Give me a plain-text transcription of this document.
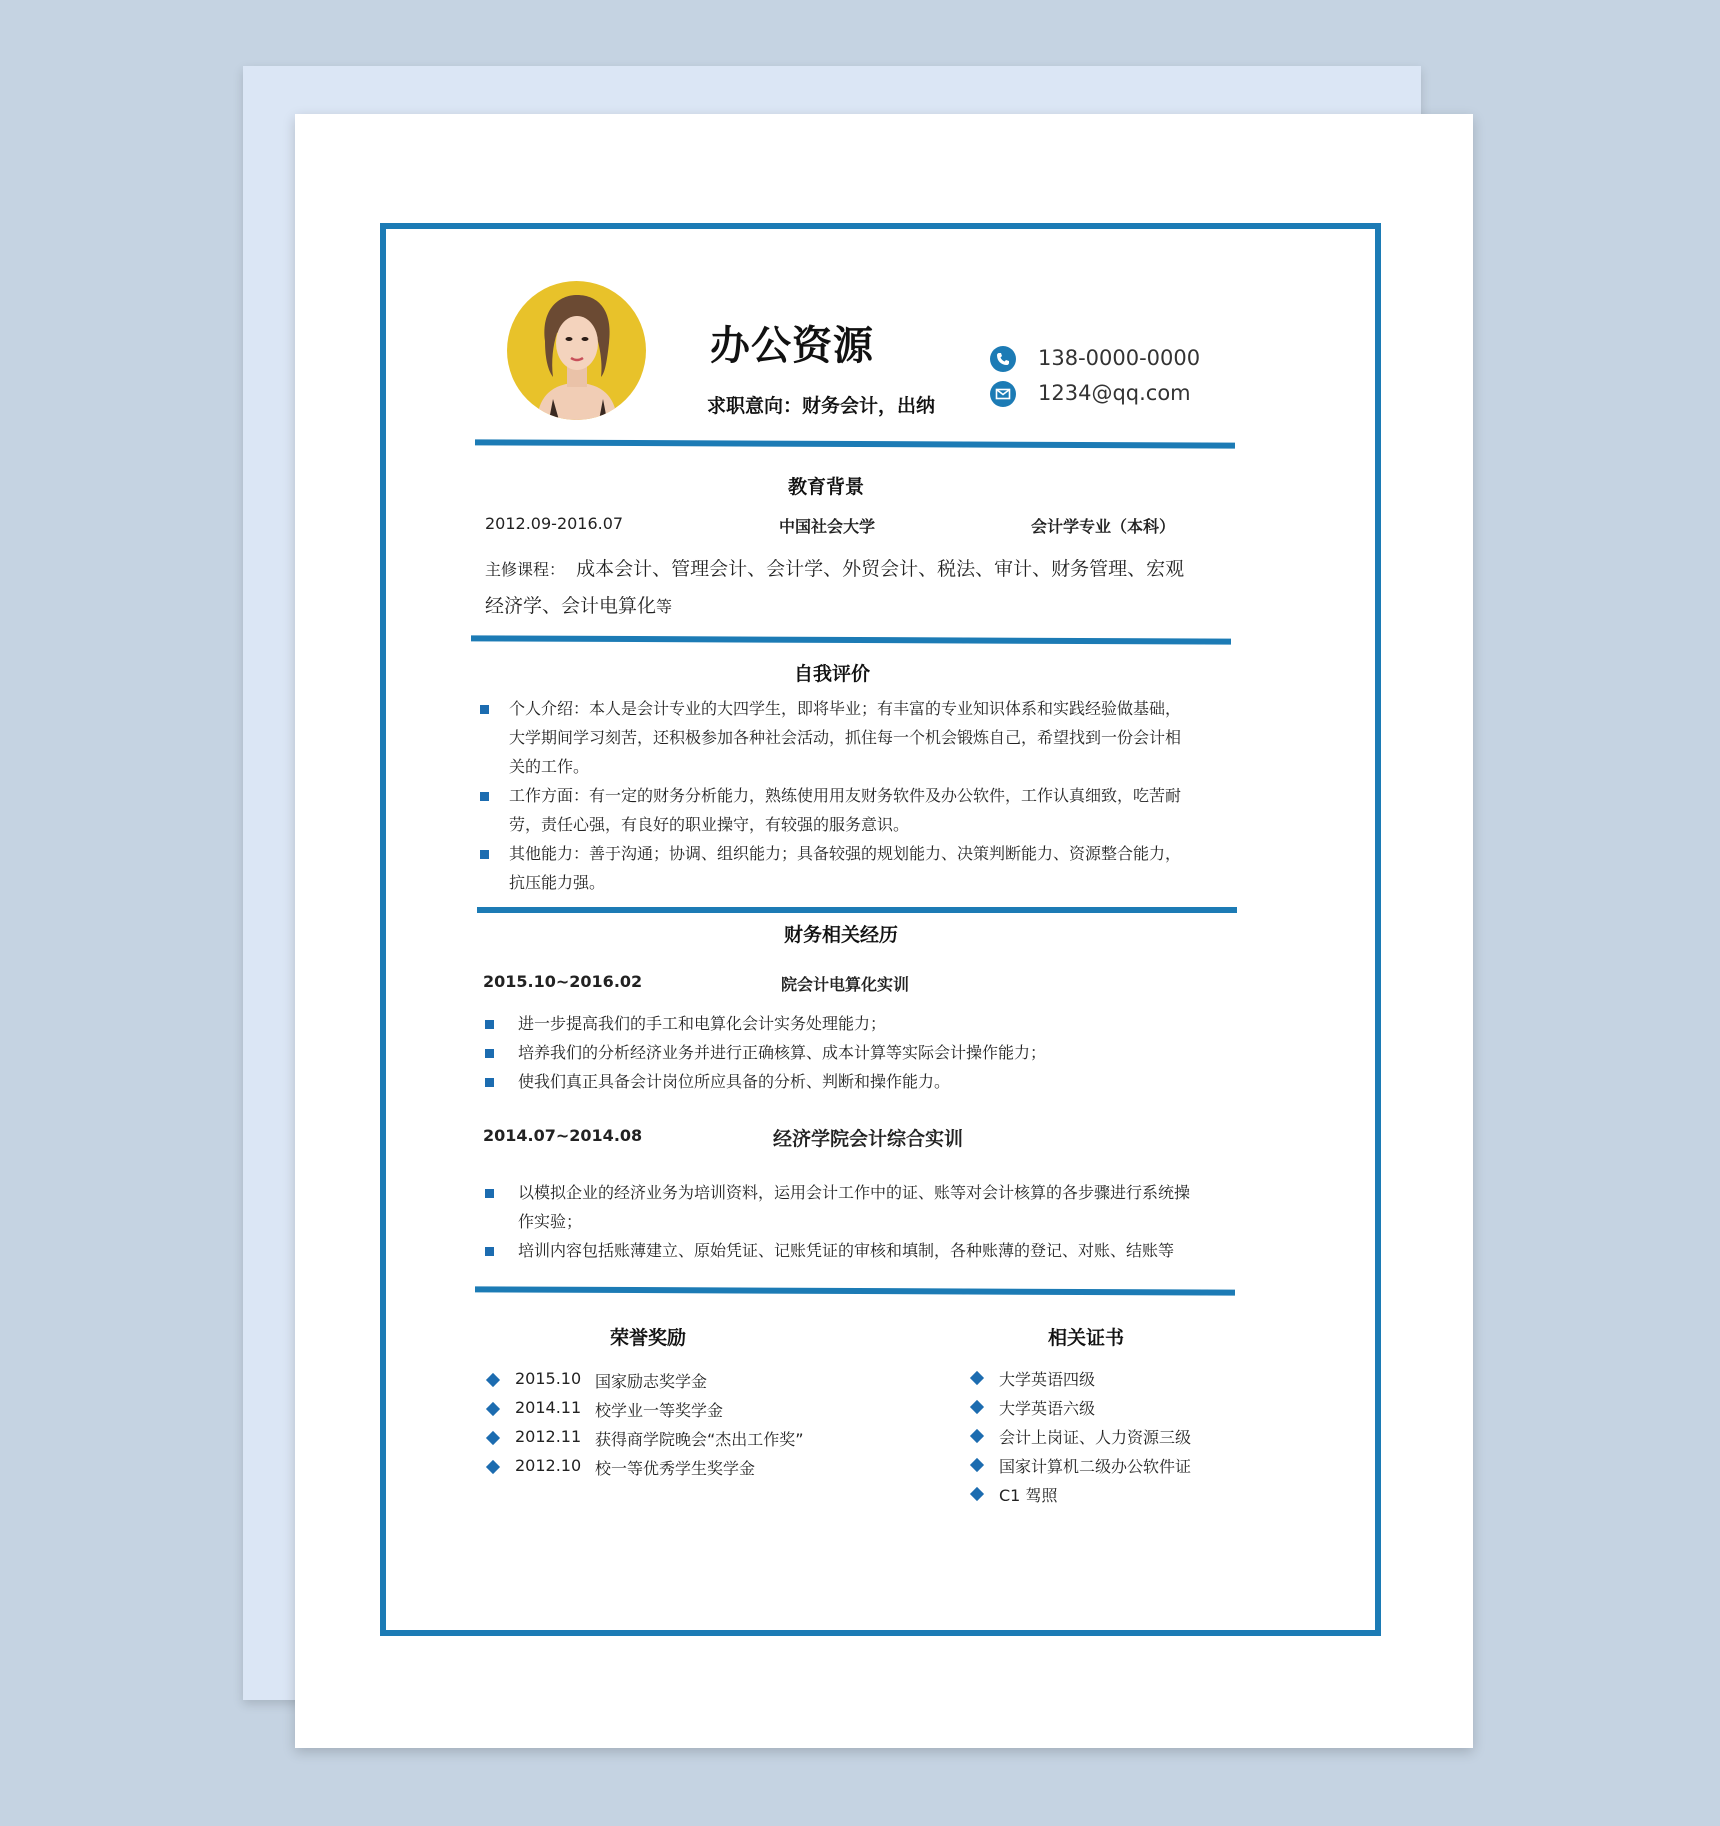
办公资源
求职意向：财务会计，出纳
138-0000-0000
1234@qq.com
教育背景
2012.09-2016.07	中国社会大学	会计学专业（本科）
主修课程： 成本会计、管理会计、会计学、外贸会计、税法、审计、财务管理、宏观
经济学、会计电算化等
自我评价
个人介绍：本人是会计专业的大四学生，即将毕业；有丰富的专业知识体系和实践经验做基础，
大学期间学习刻苦，还积极参加各种社会活动，抓住每一个机会锻炼自己，希望找到一份会计相
关的工作。
工作方面：有一定的财务分析能力，熟练使用用友财务软件及办公软件，工作认真细致，吃苦耐
劳，责任心强，有良好的职业操守，有较强的服务意识。
其他能力：善于沟通；协调、组织能力；具备较强的规划能力、决策判断能力、资源整合能力，
抗压能力强。
财务相关经历
2015.10~2016.02	院会计电算化实训
进一步提高我们的手工和电算化会计实务处理能力；
培养我们的分析经济业务并进行正确核算、成本计算等实际会计操作能力；
使我们真正具备会计岗位所应具备的分析、判断和操作能力。
2014.07~2014.08	经济学院会计综合实训
以模拟企业的经济业务为培训资料，运用会计工作中的证、账等对会计核算的各步骤进行系统操
作实验；
培训内容包括账薄建立、原始凭证、记账凭证的审核和填制，各种账薄的登记、对账、结账等
荣誉奖励
2015.10 国家励志奖学金
2014.11 校学业一等奖学金
2012.11 获得商学院晚会“杰出工作奖”
2012.10 校一等优秀学生奖学金
相关证书
大学英语四级
大学英语六级
会计上岗证、人力资源三级
国家计算机二级办公软件证
C1 驾照
